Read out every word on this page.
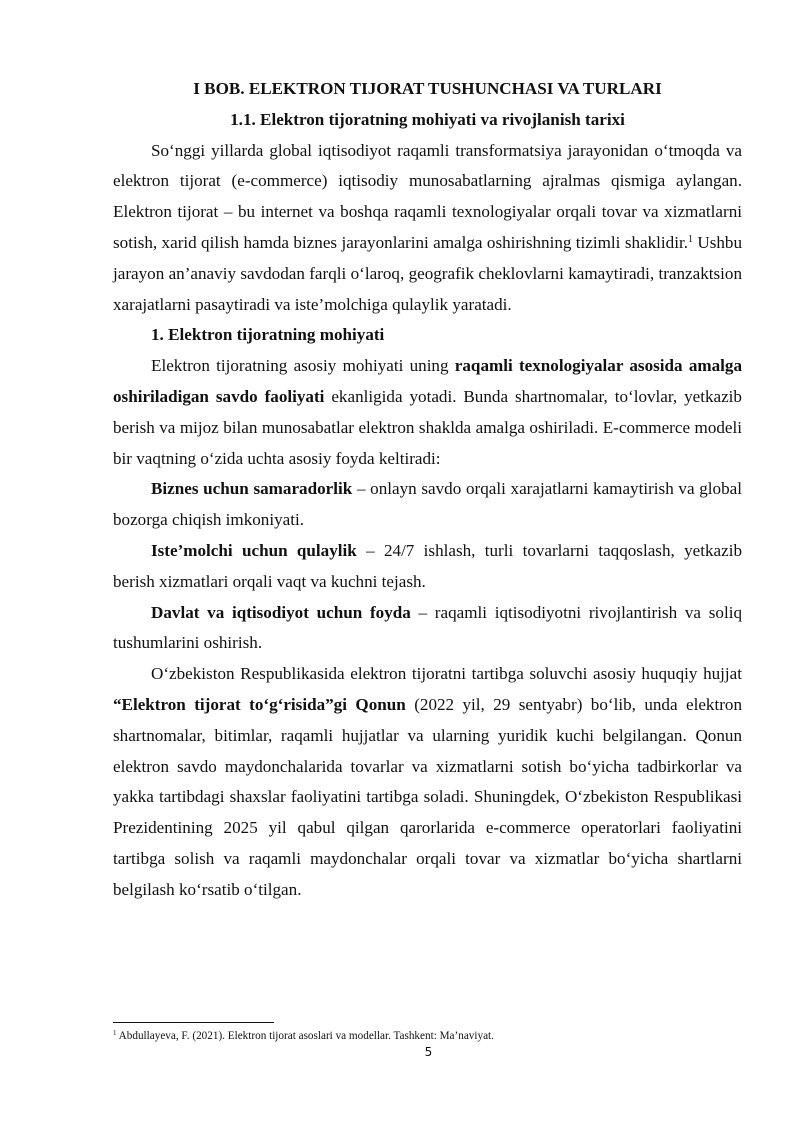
I BOB. ELEKTRON TIJORAT TUSHUNCHASI VA TURLARI
1.1. Elektron tijoratning mohiyati va rivojlanish tarixi

So‘nggi yillarda global iqtisodiyot raqamli transformatsiya jarayonidan o‘tmoqda va elektron tijorat (e-commerce) iqtisodiy munosabatlarning ajralmas qismiga aylangan. Elektron tijorat – bu internet va boshqa raqamli texnologiyalar orqali tovar va xizmatlarni sotish, xarid qilish hamda biznes jarayonlarini amalga oshirishning tizimli shaklidir.$^1$ Ushbu jarayon an’anaviy savdodan farqli o‘laroq, geografik cheklovlarni kamaytiradi, tranzaktsion xarajatlarni pasaytiradi va iste’molchiga qulaylik yaratadi.

1. Elektron tijoratning mohiyati

Elektron tijoratning asosiy mohiyati uning raqamli texnologiyalar asosida amalga oshiriladigan savdo faoliyati ekanligida yotadi. Bunda shartnomalar, to‘lovlar, yetkazib berish va mijoz bilan munosabatlar elektron shaklda amalga oshiriladi. E-commerce modeli bir vaqtning o‘zida uchta asosiy foyda keltiradi:

Biznes uchun samaradorlik – onlayn savdo orqali xarajatlarni kamaytirish va global bozorga chiqish imkoniyati.

Iste’molchi uchun qulaylik – 24/7 ishlash, turli tovarlarni taqqoslash, yetkazib berish xizmatlari orqali vaqt va kuchni tejash.

Davlat va iqtisodiyot uchun foyda – raqamli iqtisodiyotni rivojlantirish va soliq tushumlarini oshirish.

O‘zbekiston Respublikasida elektron tijoratni tartibga soluvchi asosiy huquqiy hujjat “Elektron tijorat to‘g‘risida”gi Qonun (2022 yil, 29 sentyabr) bo‘lib, unda elektron shartnomalar, bitimlar, raqamli hujjatlar va ularning yuridik kuchi belgilangan. Qonun elektron savdo maydonchalarida tovarlar va xizmatlarni sotish bo‘yicha tadbirkorlar va yakka tartibdagi shaxslar faoliyatini tartibga soladi. Shuningdek, O‘zbekiston Respublikasi Prezidentining 2025 yil qabul qilgan qarorlarida e-commerce operatorlari faoliyatini tartibga solish va raqamli maydonchalar orqali tovar va xizmatlar bo‘yicha shartlarni belgilash ko‘rsatib o‘tilgan.

$^1$ Abdullayeva, F. (2021). Elektron tijorat asoslari va modellar. Tashkent: Ma’naviyat.
5
